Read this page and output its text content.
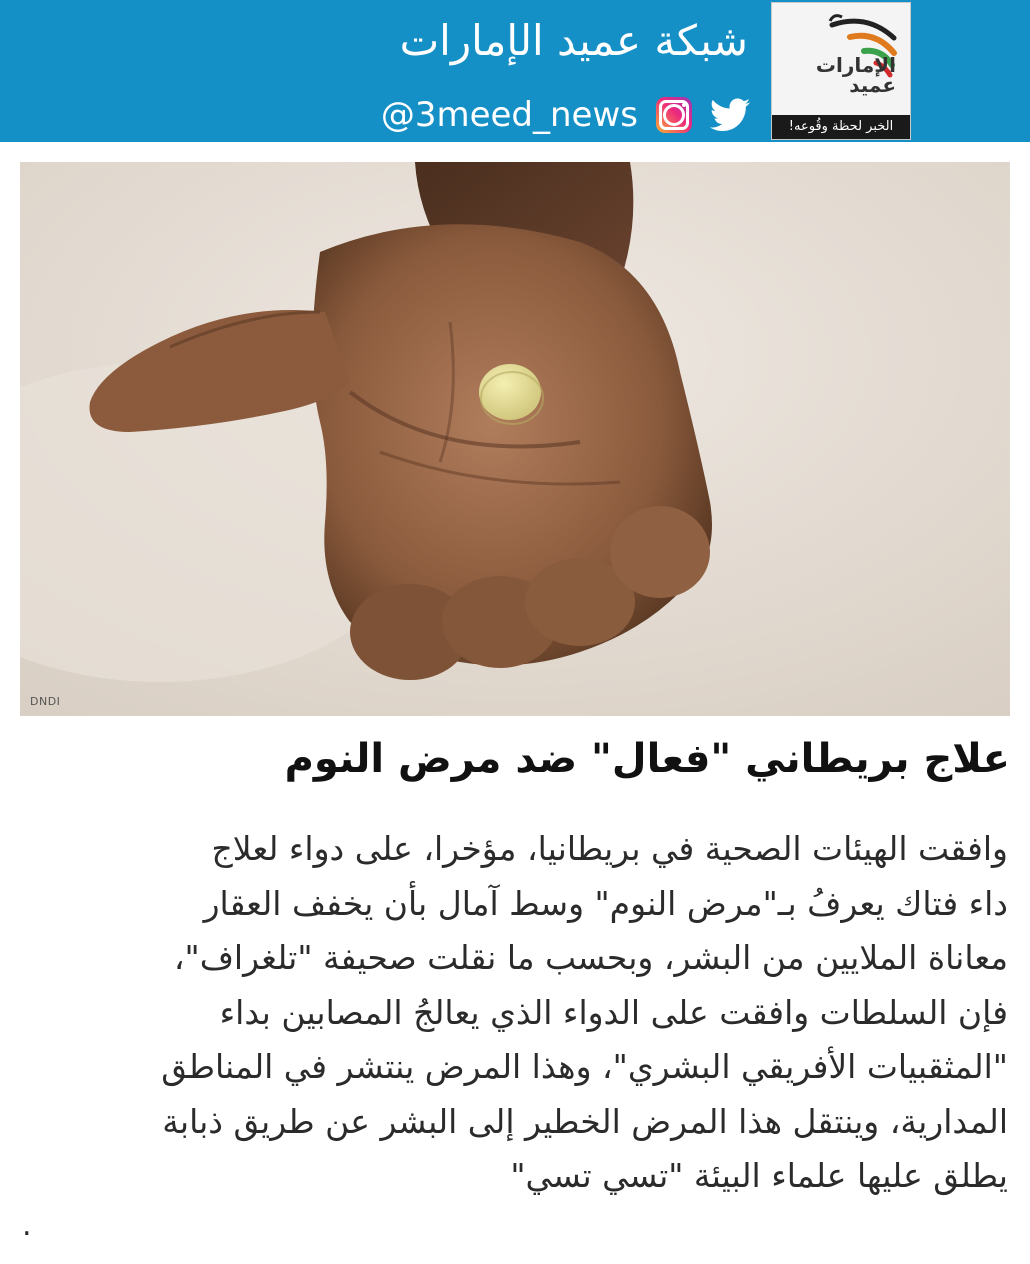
شبكة عميد الإمارات
@3meed_news
الإمارات
عميد
الخبر لحظة وقُوعه!
DNDI
علاج بريطاني "فعال" ضد مرض النوم
وافقت الهيئات الصحية في بريطانيا، مؤخرا، على دواء لعلاج
داء فتاك يعرفُ بـ"مرض النوم" وسط آمال بأن يخفف العقار
معاناة الملايين من البشر، وبحسب ما نقلت صحيفة "تلغراف"،
فإن السلطات وافقت على الدواء الذي يعالجُ المصابين بداء
"المثقبيات الأفريقي البشري"، وهذا المرض ينتشر في المناطق
المدارية، وينتقل هذا المرض الخطير إلى البشر عن طريق ذبابة
يطلق عليها علماء البيئة "تسي تسي"
.
